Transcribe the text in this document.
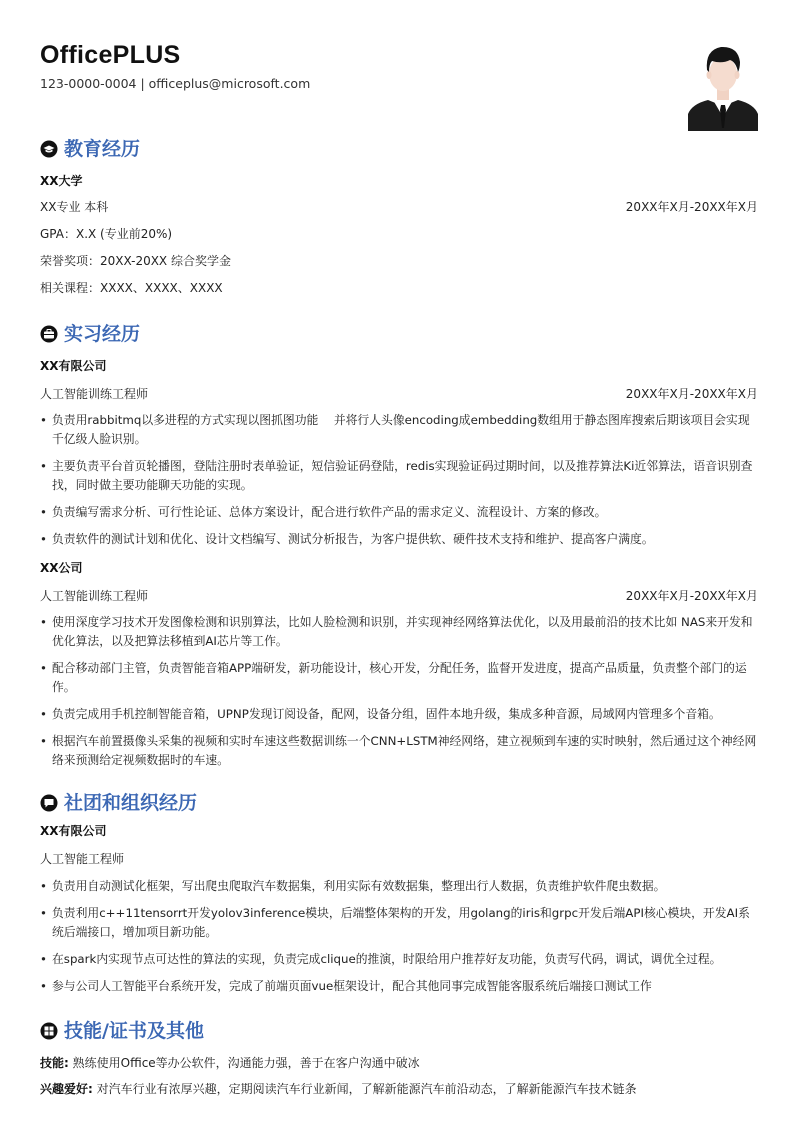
OfficePLUS
123-0000-0004 | officeplus@microsoft.com
教育经历
XX大学
XX专业 本科	20XX年X月-20XX年X月
GPA：X.X (专业前20%)
荣誉奖项：20XX-20XX 综合奖学金
相关课程：XXXX、XXXX、XXXX
实习经历
XX有限公司
人工智能训练工程师	20XX年X月-20XX年X月
• 负责用rabbitmq以多进程的方式实现以图抓图功能　 并将行人头像encoding成embedding数组用于静态图库搜索后期该项目会实现千亿级人脸识别。
• 主要负责平台首页轮播图，登陆注册时表单验证，短信验证码登陆，redis实现验证码过期时间，以及推荐算法Ki近邻算法，语音识别查找，同时做主要功能聊天功能的实现。
• 负责编写需求分析、可行性论证、总体方案设计，配合进行软件产品的需求定义、流程设计、方案的修改。
• 负责软件的测试计划和优化、设计文档编写、测试分析报告，为客户提供软、硬件技术支持和维护、提高客户满度。
XX公司
人工智能训练工程师	20XX年X月-20XX年X月
• 使用深度学习技术开发图像检测和识别算法，比如人脸检测和识别，并实现神经网络算法优化，以及用最前沿的技术比如 NAS来开发和优化算法，以及把算法移植到AI芯片等工作。
• 配合移动部门主管，负责智能音箱APP端研发，新功能设计，核心开发，分配任务，监督开发进度，提高产品质量，负责整个部门的运作。
• 负责完成用手机控制智能音箱，UPNP发现订阅设备，配网，设备分组，固件本地升级，集成多种音源，局域网内管理多个音箱。
• 根据汽车前置摄像头采集的视频和实时车速这些数据训练一个CNN+LSTM神经网络，建立视频到车速的实时映射，然后通过这个神经网络来预测给定视频数据时的车速。
社团和组织经历
XX有限公司
人工智能工程师
• 负责用自动测试化框架，写出爬虫爬取汽车数据集，利用实际有效数据集，整理出行人数据，负责维护软件爬虫数据。
• 负责利用c++11tensorrt开发yolov3inference模块，后端整体架构的开发，用golang的iris和grpc开发后端API核心模块，开发AI系统后端接口，增加项目新功能。
• 在spark内实现节点可达性的算法的实现，负责完成clique的推演，时限给用户推荐好友功能，负责写代码，调试，调优全过程。
• 参与公司人工智能平台系统开发，完成了前端页面vue框架设计，配合其他同事完成智能客服系统后端接口测试工作
技能/证书及其他
技能: 熟练使用Office等办公软件，沟通能力强，善于在客户沟通中破冰
兴趣爱好: 对汽车行业有浓厚兴趣，定期阅读汽车行业新闻，了解新能源汽车前沿动态，了解新能源汽车技术链条
